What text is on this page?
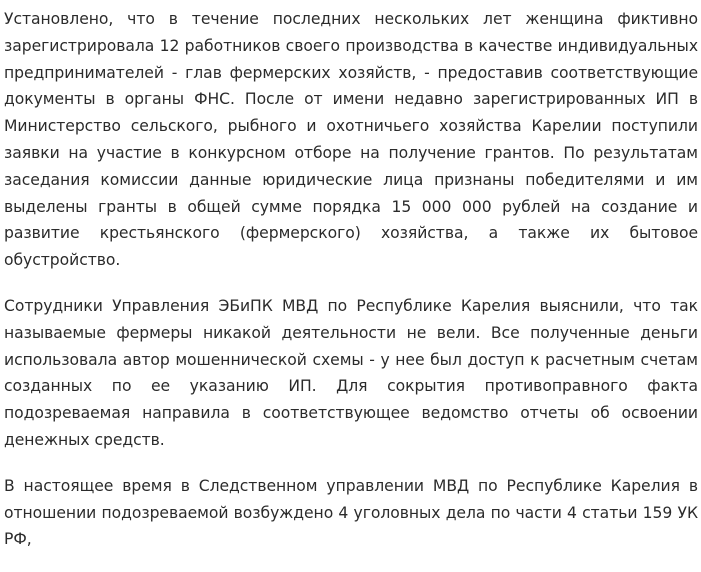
Установлено, что в течение последних нескольких лет женщина фиктивно зарегистрировала 12 работников своего производства в качестве индивидуальных предпринимателей - глав фермерских хозяйств, - предоставив соответствующие документы в органы ФНС. После от имени недавно зарегистрированных ИП в Министерство сельского, рыбного и охотничьего хозяйства Карелии поступили заявки на участие в конкурсном отборе на получение грантов. По результатам заседания комиссии данные юридические лица признаны победителями и им выделены гранты в общей сумме порядка 15 000 000 рублей на создание и развитие крестьянского (фермерского) хозяйства, а также их бытовое обустройство.

Сотрудники Управления ЭБиПК МВД по Республике Карелия выяснили, что так называемые фермеры никакой деятельности не вели. Все полученные деньги использовала автор мошеннической схемы - у нее был доступ к расчетным счетам созданных по ее указанию ИП. Для сокрытия противоправного факта подозреваемая направила в соответствующее ведомство отчеты об освоении денежных средств.

В настоящее время в Следственном управлении МВД по Республике Карелия в отношении подозреваемой возбуждено 4 уголовных дела по части 4 статьи 159 УК РФ,
